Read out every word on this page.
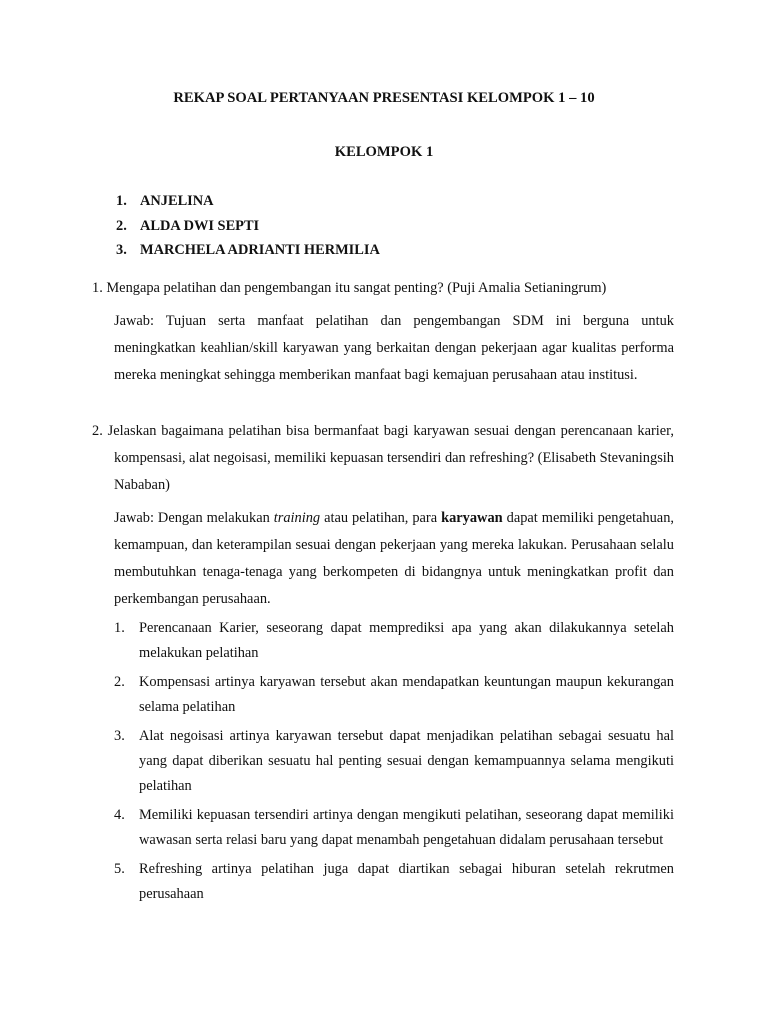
REKAP SOAL PERTANYAAN PRESENTASI KELOMPOK 1 – 10
KELOMPOK 1
1. ANJELINA
2. ALDA DWI SEPTI
3. MARCHELA ADRIANTI HERMILIA
1. Mengapa pelatihan dan pengembangan itu sangat penting? (Puji Amalia Setianingrum)
Jawab: Tujuan serta manfaat pelatihan dan pengembangan SDM ini berguna untuk meningkatkan keahlian/skill karyawan yang berkaitan dengan pekerjaan agar kualitas performa mereka meningkat sehingga memberikan manfaat bagi kemajuan perusahaan atau institusi.
2. Jelaskan bagaimana pelatihan bisa bermanfaat bagi karyawan sesuai dengan perencanaan karier, kompensasi, alat negoisasi, memiliki kepuasan tersendiri dan refreshing? (Elisabeth Stevaningsih Nababan)
Jawab: Dengan melakukan training atau pelatihan, para karyawan dapat memiliki pengetahuan, kemampuan, dan keterampilan sesuai dengan pekerjaan yang mereka lakukan. Perusahaan selalu membutuhkan tenaga-tenaga yang berkompeten di bidangnya untuk meningkatkan profit dan perkembangan perusahaan.
1. Perencanaan Karier, seseorang dapat memprediksi apa yang akan dilakukannya setelah melakukan pelatihan
2. Kompensasi artinya karyawan tersebut akan mendapatkan keuntungan maupun kekurangan selama pelatihan
3. Alat negoisasi artinya karyawan tersebut dapat menjadikan pelatihan sebagai sesuatu hal yang dapat diberikan sesuatu hal penting sesuai dengan kemampuannya selama mengikuti pelatihan
4. Memiliki kepuasan tersendiri artinya dengan mengikuti pelatihan, seseorang dapat memiliki wawasan serta relasi baru yang dapat menambah pengetahuan didalam perusahaan tersebut
5. Refreshing artinya pelatihan juga dapat diartikan sebagai hiburan setelah rekrutmen perusahaan
